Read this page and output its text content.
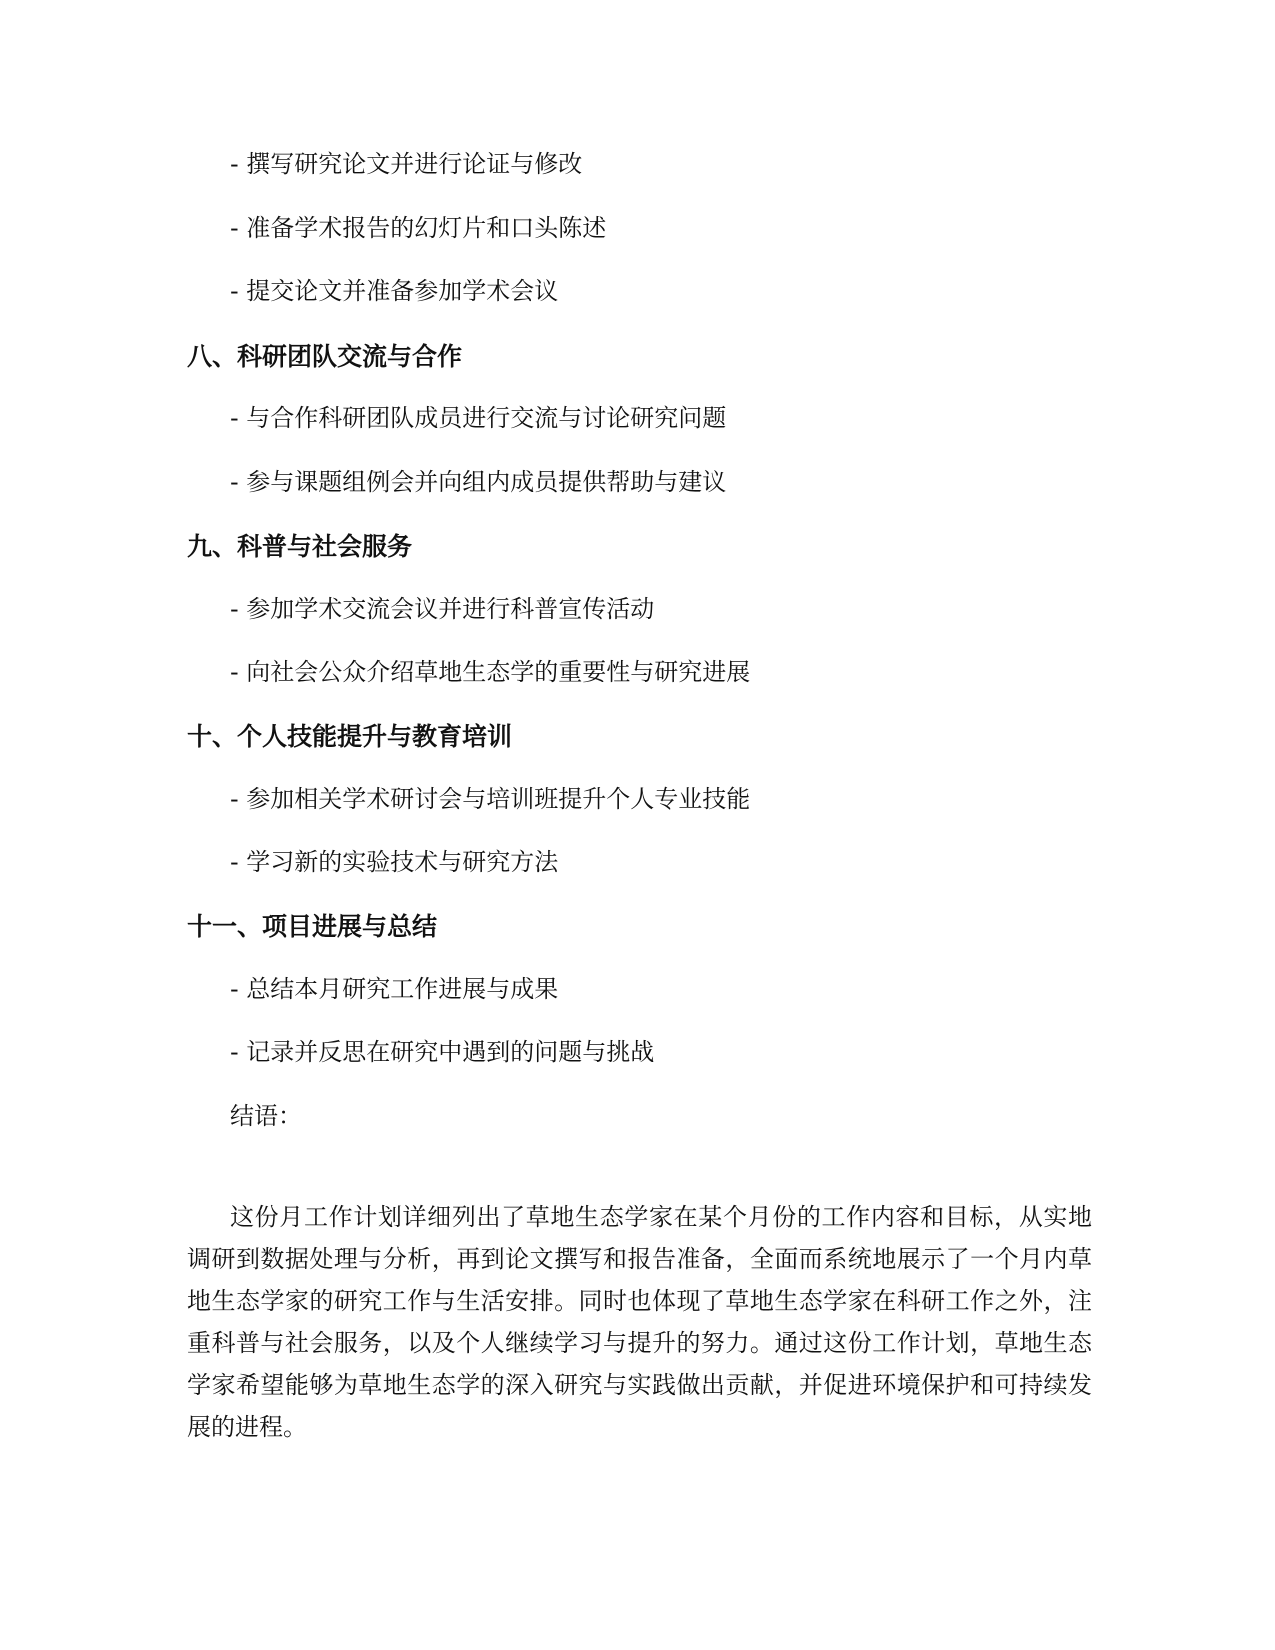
- 撰写研究论文并进行论证与修改
- 准备学术报告的幻灯片和口头陈述
- 提交论文并准备参加学术会议
八、科研团队交流与合作
- 与合作科研团队成员进行交流与讨论研究问题
- 参与课题组例会并向组内成员提供帮助与建议
九、科普与社会服务
- 参加学术交流会议并进行科普宣传活动
- 向社会公众介绍草地生态学的重要性与研究进展
十、个人技能提升与教育培训
- 参加相关学术研讨会与培训班提升个人专业技能
- 学习新的实验技术与研究方法
十一、项目进展与总结
- 总结本月研究工作进展与成果
- 记录并反思在研究中遇到的问题与挑战
结语：
这份月工作计划详细列出了草地生态学家在某个月份的工作内容和目标，从实地调研到数据处理与分析，再到论文撰写和报告准备，全面而系统地展示了一个月内草地生态学家的研究工作与生活安排。同时也体现了草地生态学家在科研工作之外，注重科普与社会服务，以及个人继续学习与提升的努力。通过这份工作计划，草地生态学家希望能够为草地生态学的深入研究与实践做出贡献，并促进环境保护和可持续发展的进程。
